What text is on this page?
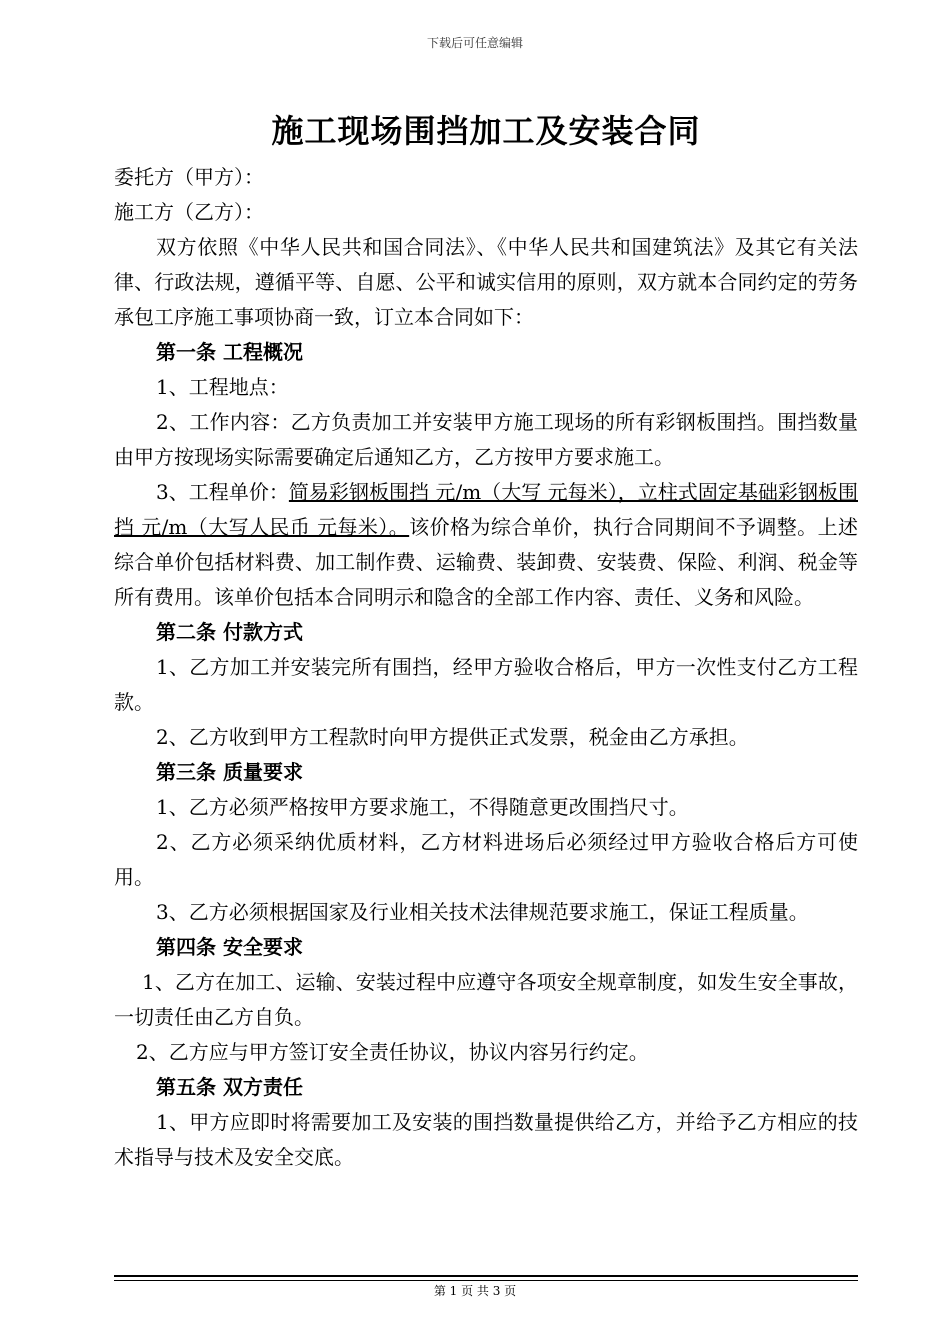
下载后可任意编辑
施工现场围挡加工及安装合同

委托方（甲方）：

施工方（乙方）：

双方依照《中华人民共和国合同法》、《中华人民共和国建筑法》及其它有关法律、行政法规，遵循平等、自愿、公平和诚实信用的原则，双方就本合同约定的劳务承包工序施工事项协商一致，订立本合同如下：

第一条 工程概况

1、工程地点：

2、工作内容：乙方负责加工并安装甲方施工现场的所有彩钢板围挡。围挡数量由甲方按现场实际需要确定后通知乙方，乙方按甲方要求施工。

3、工程单价：简易彩钢板围挡 元/m（大写 元每米），立柱式固定基础彩钢板围挡 元/m（大写人民币 元每米）。该价格为综合单价，执行合同期间不予调整。上述综合单价包括材料费、加工制作费、运输费、装卸费、安装费、保险、利润、税金等所有费用。该单价包括本合同明示和隐含的全部工作内容、责任、义务和风险。

第二条 付款方式

1、乙方加工并安装完所有围挡，经甲方验收合格后，甲方一次性支付乙方工程款。

2、乙方收到甲方工程款时向甲方提供正式发票，税金由乙方承担。

第三条 质量要求

1、乙方必须严格按甲方要求施工，不得随意更改围挡尺寸。

2、乙方必须采纳优质材料，乙方材料进场后必须经过甲方验收合格后方可使用。

3、乙方必须根据国家及行业相关技术法律规范要求施工，保证工程质量。

第四条 安全要求

1、乙方在加工、运输、安装过程中应遵守各项安全规章制度，如发生安全事故，一切责任由乙方自负。

2、乙方应与甲方签订安全责任协议，协议内容另行约定。

第五条 双方责任

1、甲方应即时将需要加工及安装的围挡数量提供给乙方，并给予乙方相应的技术指导与技术及安全交底。

第 1 页 共 3 页
